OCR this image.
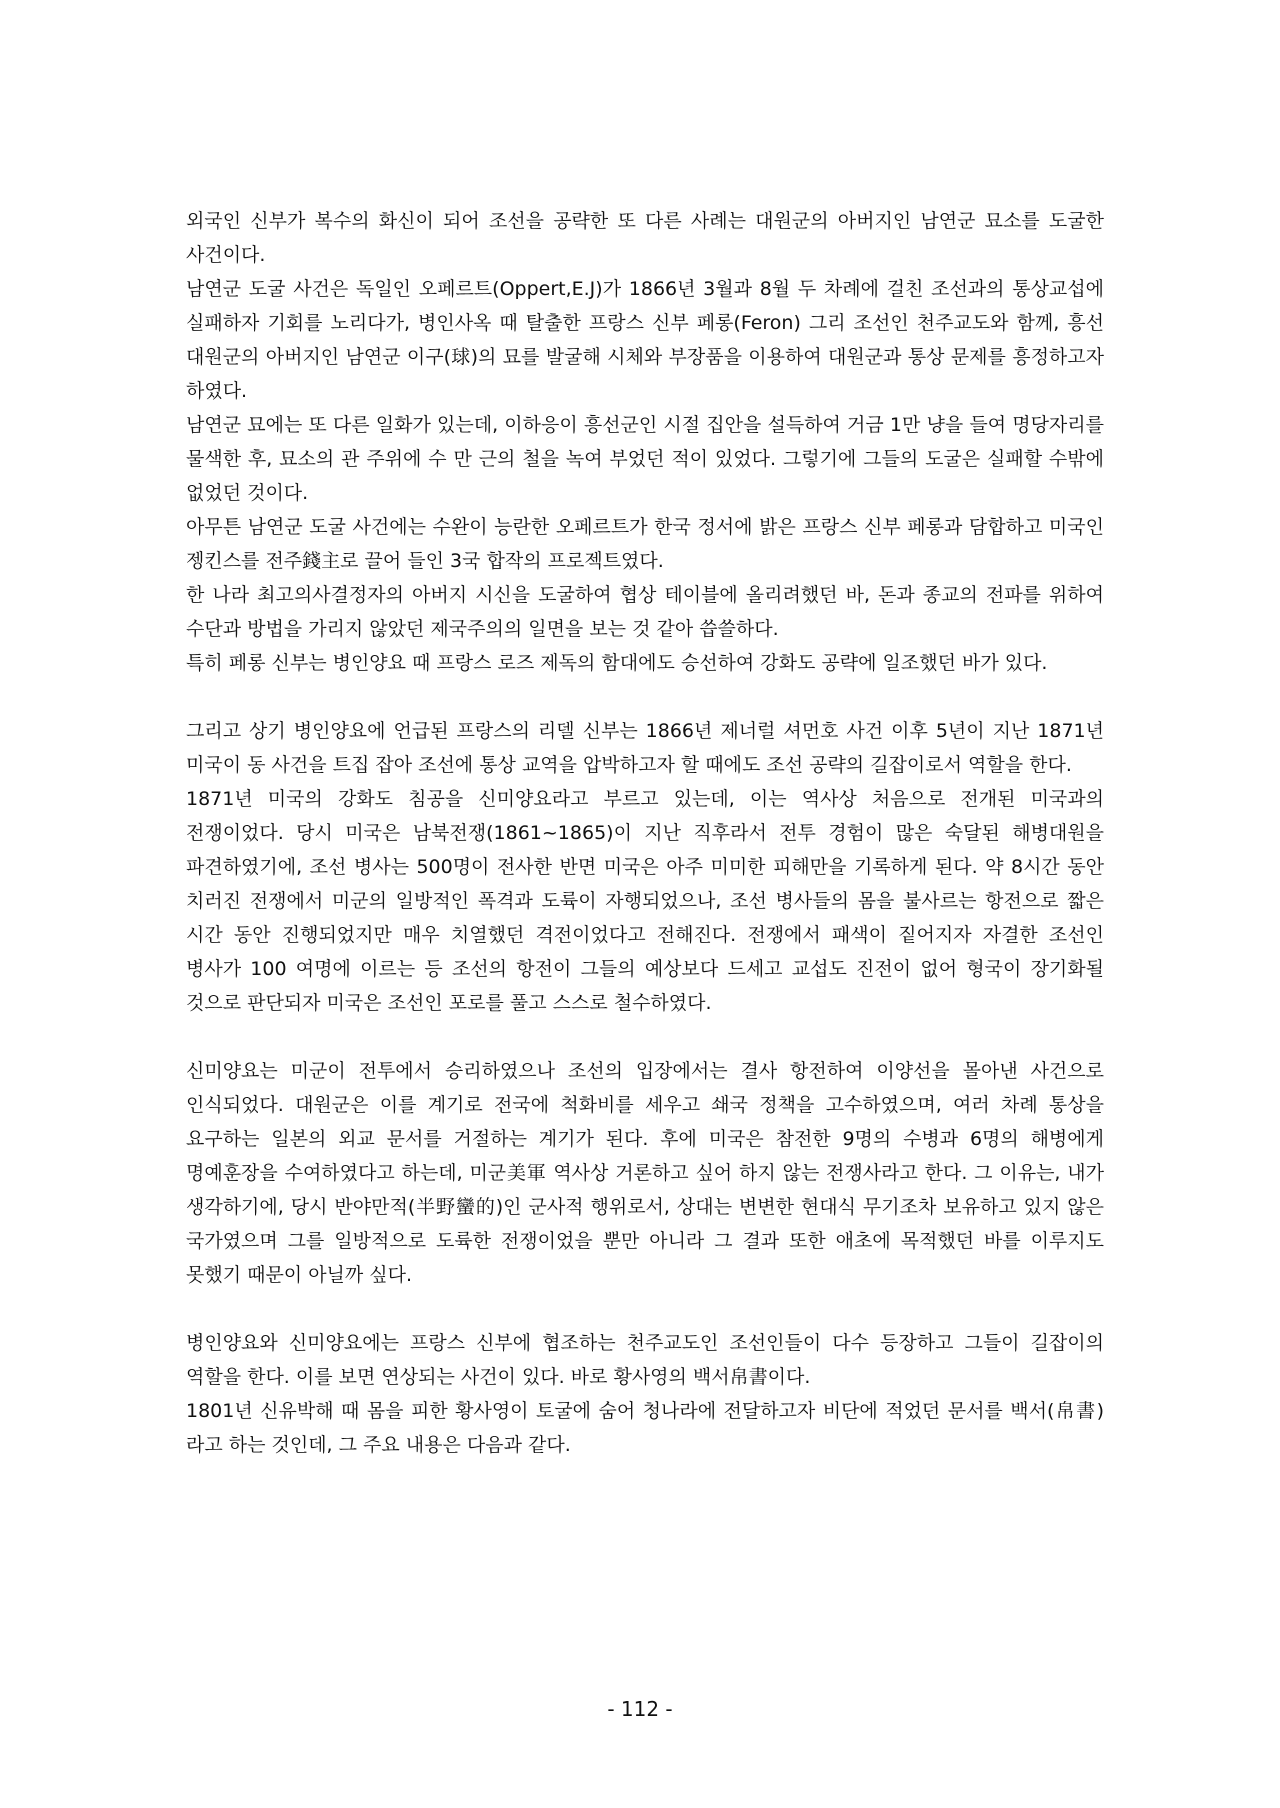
외국인 신부가 복수의 화신이 되어 조선을 공략한 또 다른 사례는 대원군의 아버지인 남연군 묘소를 도굴한 사건이다.

남연군 도굴 사건은 독일인 오페르트(Oppert,E.J)가 1866년 3월과 8월 두 차례에 걸친 조선과의 통상교섭에 실패하자 기회를 노리다가, 병인사옥 때 탈출한 프랑스 신부 페롱(Feron) 그리 조선인 천주교도와 함께, 흥선 대원군의 아버지인 남연군 이구(球)의 묘를 발굴해 시체와 부장품을 이용하여 대원군과 통상 문제를 흥정하고자 하였다.

남연군 묘에는 또 다른 일화가 있는데, 이하응이 흥선군인 시절 집안을 설득하여 거금 1만 냥을 들여 명당자리를 물색한 후, 묘소의 관 주위에 수 만 근의 철을 녹여 부었던 적이 있었다. 그렇기에 그들의 도굴은 실패할 수밖에 없었던 것이다.

아무튼 남연군 도굴 사건에는 수완이 능란한 오페르트가 한국 정서에 밝은 프랑스 신부 페롱과 담합하고 미국인 젱킨스를 전주錢主로 끌어 들인 3국 합작의 프로젝트였다.

한 나라 최고의사결정자의 아버지 시신을 도굴하여 협상 테이블에 올리려했던 바, 돈과 종교의 전파를 위하여 수단과 방법을 가리지 않았던 제국주의의 일면을 보는 것 같아 씁쓸하다.

특히 페롱 신부는 병인양요 때 프랑스 로즈 제독의 함대에도 승선하여 강화도 공략에 일조했던 바가 있다.

그리고 상기 병인양요에 언급된 프랑스의 리델 신부는 1866년 제너럴 셔먼호 사건 이후 5년이 지난 1871년 미국이 동 사건을 트집 잡아 조선에 통상 교역을 압박하고자 할 때에도 조선 공략의 길잡이로서 역할을 한다.

1871년 미국의 강화도 침공을 신미양요라고 부르고 있는데, 이는 역사상 처음으로 전개된 미국과의 전쟁이었다. 당시 미국은 남북전쟁(1861~1865)이 지난 직후라서 전투 경험이 많은 숙달된 해병대원을 파견하였기에, 조선 병사는 500명이 전사한 반면 미국은 아주 미미한 피해만을 기록하게 된다. 약 8시간 동안 치러진 전쟁에서 미군의 일방적인 폭격과 도륙이 자행되었으나, 조선 병사들의 몸을 불사르는 항전으로 짧은 시간 동안 진행되었지만 매우 치열했던 격전이었다고 전해진다. 전쟁에서 패색이 짙어지자 자결한 조선인 병사가 100 여명에 이르는 등 조선의 항전이 그들의 예상보다 드세고 교섭도 진전이 없어 형국이 장기화될 것으로 판단되자 미국은 조선인 포로를 풀고 스스로 철수하였다.

신미양요는 미군이 전투에서 승리하였으나 조선의 입장에서는 결사 항전하여 이양선을 몰아낸 사건으로 인식되었다. 대원군은 이를 계기로 전국에 척화비를 세우고 쇄국 정책을 고수하였으며, 여러 차례 통상을 요구하는 일본의 외교 문서를 거절하는 계기가 된다. 후에 미국은 참전한 9명의 수병과 6명의 해병에게 명예훈장을 수여하였다고 하는데, 미군美軍 역사상 거론하고 싶어 하지 않는 전쟁사라고 한다. 그 이유는, 내가 생각하기에, 당시 반야만적(半野蠻的)인 군사적 행위로서, 상대는 변변한 현대식 무기조차 보유하고 있지 않은 국가였으며 그를 일방적으로 도륙한 전쟁이었을 뿐만 아니라 그 결과 또한 애초에 목적했던 바를 이루지도 못했기 때문이 아닐까 싶다.

병인양요와 신미양요에는 프랑스 신부에 협조하는 천주교도인 조선인들이 다수 등장하고 그들이 길잡이의 역할을 한다. 이를 보면 연상되는 사건이 있다. 바로 황사영의 백서帛書이다.

1801년 신유박해 때 몸을 피한 황사영이 토굴에 숨어 청나라에 전달하고자 비단에 적었던 문서를 백서(帛書)라고 하는 것인데, 그 주요 내용은 다음과 같다.

- 112 -
